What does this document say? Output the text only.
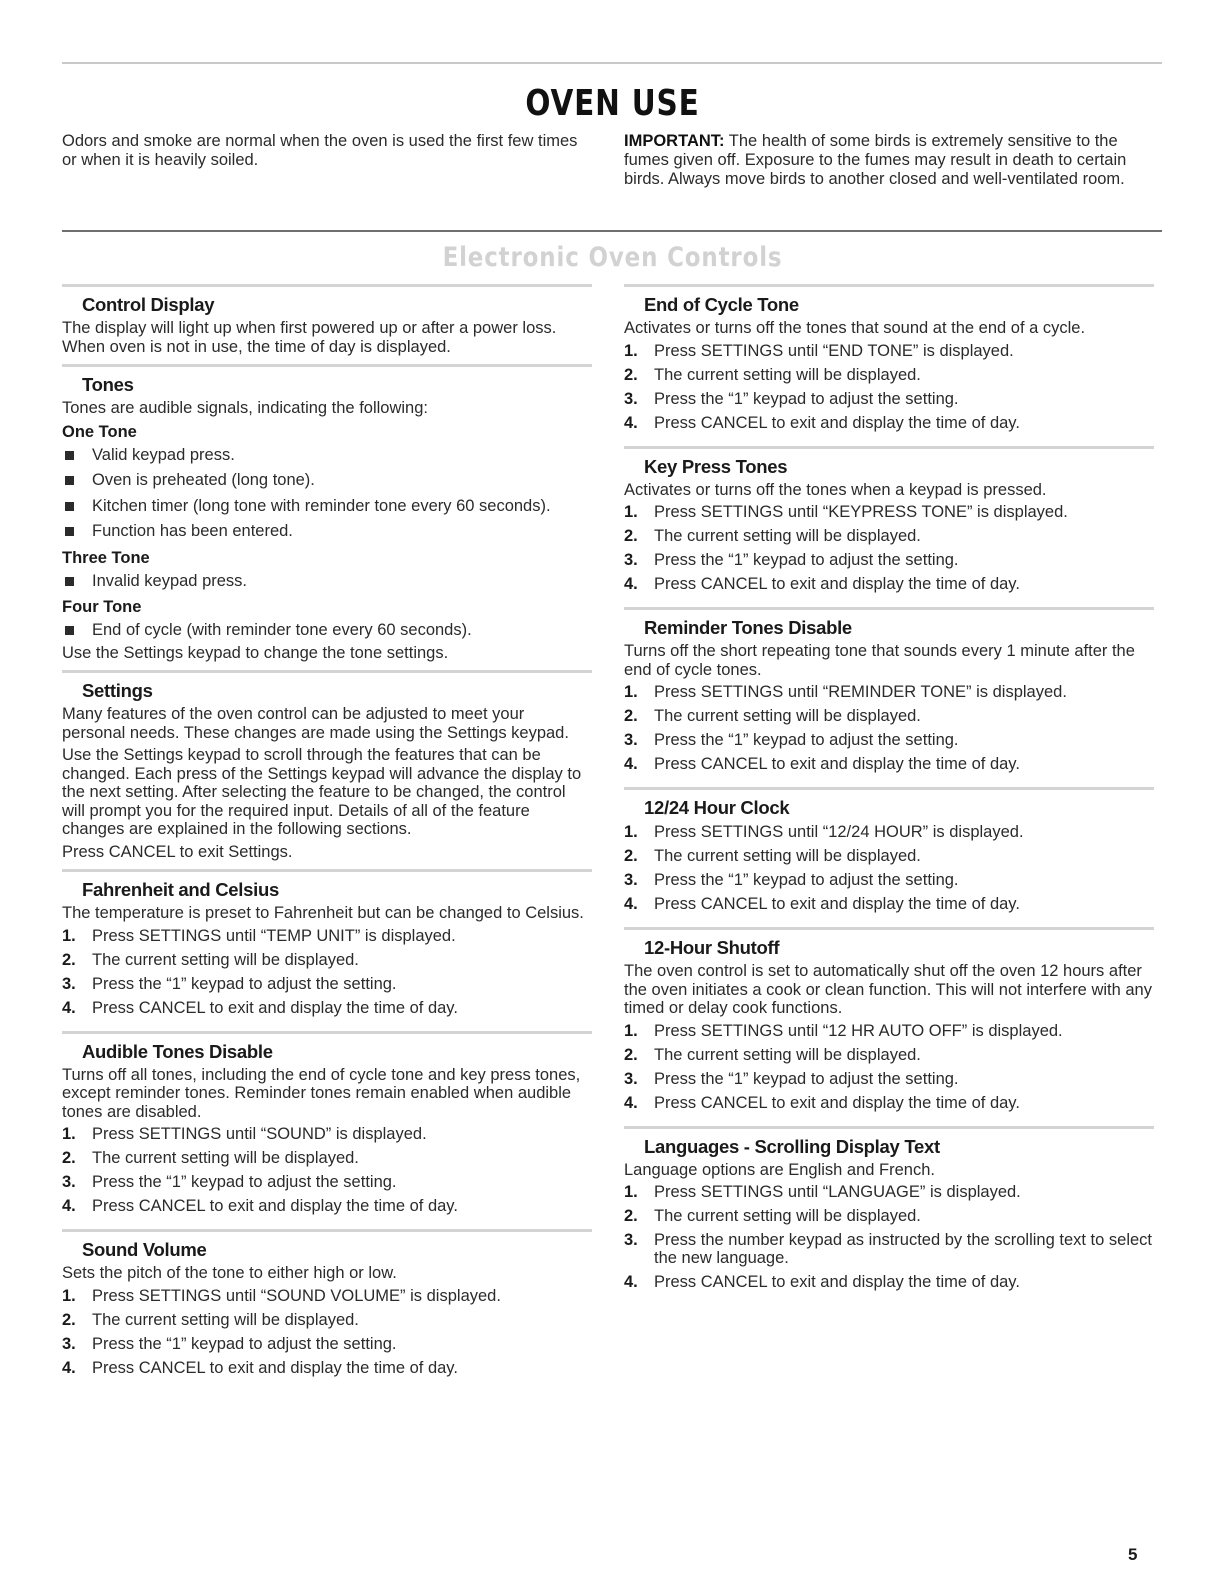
OVEN USE

Odors and smoke are normal when the oven is used the first few times or when it is heavily soiled.

IMPORTANT: The health of some birds is extremely sensitive to the fumes given off. Exposure to the fumes may result in death to certain birds. Always move birds to another closed and well-ventilated room.

Electronic Oven Controls
Control Display

The display will light up when first powered up or after a power loss. When oven is not in use, the time of day is displayed.

Tones

Tones are audible signals, indicating the following:

One Tone
Valid keypad press.
Oven is preheated (long tone).
Kitchen timer (long tone with reminder tone every 60 seconds).
Function has been entered.
Three Tone
Invalid keypad press.
Four Tone
End of cycle (with reminder tone every 60 seconds).

Use the Settings keypad to change the tone settings.

Settings

Many features of the oven control can be adjusted to meet your personal needs. These changes are made using the Settings keypad.

Use the Settings keypad to scroll through the features that can be changed. Each press of the Settings keypad will advance the display to the next setting. After selecting the feature to be changed, the control will prompt you for the required input. Details of all of the feature changes are explained in the following sections.

Press CANCEL to exit Settings.

Fahrenheit and Celsius

The temperature is preset to Fahrenheit but can be changed to Celsius.

1. Press SETTINGS until “TEMP UNIT” is displayed.
2. The current setting will be displayed.
3. Press the “1” keypad to adjust the setting.
4. Press CANCEL to exit and display the time of day.
Audible Tones Disable

Turns off all tones, including the end of cycle tone and key press tones, except reminder tones. Reminder tones remain enabled when audible tones are disabled.

1. Press SETTINGS until “SOUND” is displayed.
2. The current setting will be displayed.
3. Press the “1” keypad to adjust the setting.
4. Press CANCEL to exit and display the time of day.
Sound Volume

Sets the pitch of the tone to either high or low.

1. Press SETTINGS until “SOUND VOLUME” is displayed.
2. The current setting will be displayed.
3. Press the “1” keypad to adjust the setting.
4. Press CANCEL to exit and display the time of day.
End of Cycle Tone

Activates or turns off the tones that sound at the end of a cycle.

1. Press SETTINGS until “END TONE” is displayed.
2. The current setting will be displayed.
3. Press the “1” keypad to adjust the setting.
4. Press CANCEL to exit and display the time of day.
Key Press Tones

Activates or turns off the tones when a keypad is pressed.

1. Press SETTINGS until “KEYPRESS TONE” is displayed.
2. The current setting will be displayed.
3. Press the “1” keypad to adjust the setting.
4. Press CANCEL to exit and display the time of day.
Reminder Tones Disable

Turns off the short repeating tone that sounds every 1 minute after the end of cycle tones.

1. Press SETTINGS until “REMINDER TONE” is displayed.
2. The current setting will be displayed.
3. Press the “1” keypad to adjust the setting.
4. Press CANCEL to exit and display the time of day.
12/24 Hour Clock
1. Press SETTINGS until “12/24 HOUR” is displayed.
2. The current setting will be displayed.
3. Press the “1” keypad to adjust the setting.
4. Press CANCEL to exit and display the time of day.
12-Hour Shutoff

The oven control is set to automatically shut off the oven 12 hours after the oven initiates a cook or clean function. This will not interfere with any timed or delay cook functions.

1. Press SETTINGS until “12 HR AUTO OFF” is displayed.
2. The current setting will be displayed.
3. Press the “1” keypad to adjust the setting.
4. Press CANCEL to exit and display the time of day.
Languages - Scrolling Display Text

Language options are English and French.

1. Press SETTINGS until “LANGUAGE” is displayed.
2. The current setting will be displayed.
3. Press the number keypad as instructed by the scrolling text to select the new language.
4. Press CANCEL to exit and display the time of day.
5
